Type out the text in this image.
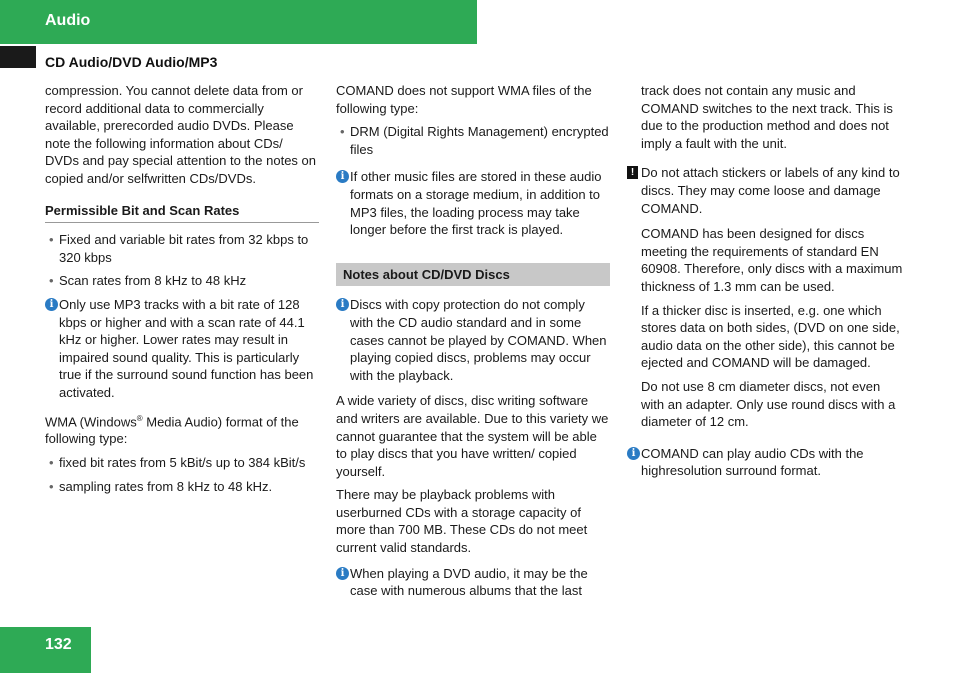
Audio
CD Audio/DVD Audio/MP3

compression. You cannot delete data from or record additional data to commercially available, prerecorded audio DVDs. Please note the following information about CDs/ DVDs and pay special attention to the notes on copied and/or selfwritten CDs/DVDs.

Permissible Bit and Scan Rates
• Fixed and variable bit rates from 32 kbps to 320 kbps
• Scan rates from 8 kHz to 48 kHz
i Only use MP3 tracks with a bit rate of 128 kbps or higher and with a scan rate of 44.1 kHz or higher. Lower rates may result in impaired sound quality. This is particularly true if the surround sound function has been activated.

WMA (Windows® Media Audio) format of the following type:

• fixed bit rates from 5 kBit/s up to 384 kBit/s
• sampling rates from 8 kHz to 48 kHz.

COMAND does not support WMA files of the following type:

• DRM (Digital Rights Management) encrypted files
i If other music files are stored in these audio formats on a storage medium, in addition to MP3 files, the loading process may take longer before the first track is played.
Notes about CD/DVD Discs
i Discs with copy protection do not comply with the CD audio standard and in some cases cannot be played by COMAND. When playing copied discs, problems may occur with the playback.

A wide variety of discs, disc writing software and writers are available. Due to this variety we cannot guarantee that the system will be able to play discs that you have written/ copied yourself.

There may be playback problems with userburned CDs with a storage capacity of more than 700 MB. These CDs do not meet current valid standards.

i When playing a DVD audio, it may be the case with numerous albums that the last

track does not contain any music and COMAND switches to the next track. This is due to the production method and does not imply a fault with the unit.

! Do not attach stickers or labels of any kind to discs. They may come loose and damage COMAND.

COMAND has been designed for discs meeting the requirements of standard EN 60908. Therefore, only discs with a maximum thickness of 1.3 mm can be used.

If a thicker disc is inserted, e.g. one which stores data on both sides, (DVD on one side, audio data on the other side), this cannot be ejected and COMAND will be damaged.

Do not use 8 cm diameter discs, not even with an adapter. Only use round discs with a diameter of 12 cm.

i COMAND can play audio CDs with the highresolution surround format.
132
